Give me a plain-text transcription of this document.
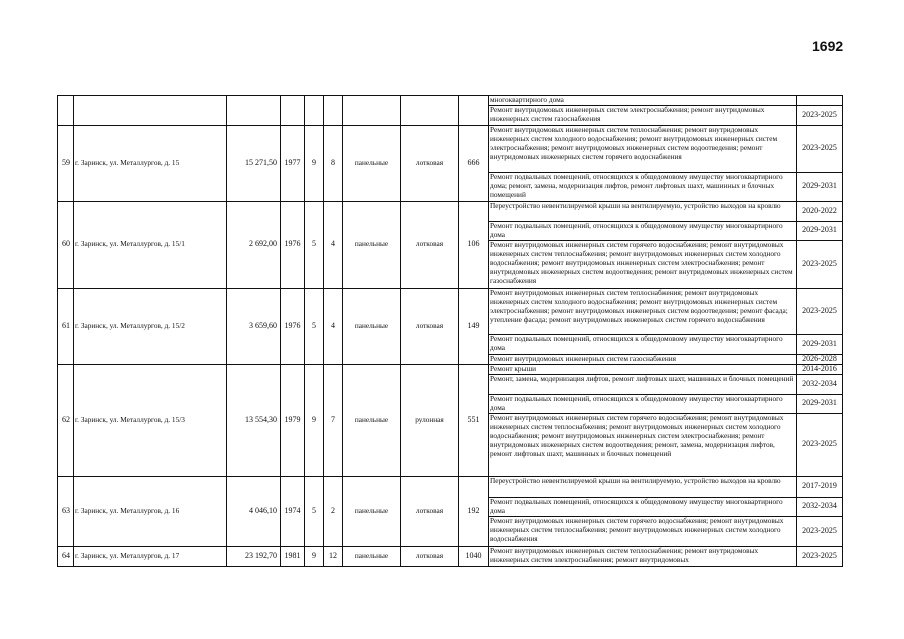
1692
									многоквартирного дома	
									Ремонт внутридомовых инженерных систем электроснабжения; ремонт внутридомовых инженерных систем газоснабжения	2023-2025
59	г. Заринск, ул. Металлургов, д. 15	15 271,50	1977	9	8	панельные	лотковая	666	Ремонт внутридомовых инженерных систем теплоснабжения; ремонт внутридомовых инженерных систем холодного водоснабжения; ремонт внутридомовых инженерных систем электроснабжения; ремонт внутридомовых инженерных систем водоотведения; ремонт внутридомовых инженерных систем горячего водоснабжения	2023-2025
									Ремонт подвальных помещений, относящихся к общедомовому имуществу многоквартирного дома; ремонт, замена, модернизация лифтов, ремонт лифтовых шахт, машинных и блочных помещений	2029-2031
60	г. Заринск, ул. Металлургов, д. 15/1	2 692,00	1976	5	4	панельные	лотковая	106	Переустройство невентилируемой крыши на вентилируемую, устройство выходов на кровлю	2020-2022
									Ремонт подвальных помещений, относящихся к общедомовому имуществу многоквартирного дома	2029-2031
									Ремонт внутридомовых инженерных систем горячего водоснабжения; ремонт внутридомовых инженерных систем теплоснабжения; ремонт внутридомовых инженерных систем холодного водоснабжения; ремонт внутридомовых инженерных систем электроснабжения; ремонт внутридомовых инженерных систем водоотведения; ремонт внутридомовых инженерных систем газоснабжения	2023-2025
61	г. Заринск, ул. Металлургов, д. 15/2	3 659,60	1976	5	4	панельные	лотковая	149	Ремонт внутридомовых инженерных систем теплоснабжения; ремонт внутридомовых инженерных систем холодного водоснабжения; ремонт внутридомовых инженерных систем электроснабжения; ремонт внутридомовых инженерных систем водоотведения; ремонт фасада; утепление фасада; ремонт внутридомовых инженерных систем горячего водоснабжения	2023-2025
									Ремонт подвальных помещений, относящихся к общедомовому имуществу многоквартирного дома	2029-2031
									Ремонт внутридомовых инженерных систем газоснабжения	2026-2028
62	г. Заринск, ул. Металлургов, д. 15/3	13 554,30	1979	9	7	панельные	рулонная	551	Ремонт крыши	2014-2016
									Ремонт, замена, модернизация лифтов, ремонт лифтовых шахт, машинных и блочных помещений	2032-2034
									Ремонт подвальных помещений, относящихся к общедомовому имуществу многоквартирного дома	2029-2031
									Ремонт внутридомовых инженерных систем горячего водоснабжения; ремонт внутридомовых инженерных систем теплоснабжения; ремонт внутридомовых инженерных систем холодного водоснабжения; ремонт внутридомовых инженерных систем электроснабжения; ремонт внутридомовых инженерных систем водоотведения; ремонт, замена, модернизация лифтов, ремонт лифтовых шахт, машинных и блочных помещений	2023-2025
63	г. Заринск, ул. Металлургов, д. 16	4 046,10	1974	5	2	панельные	лотковая	192	Переустройство невентилируемой крыши на вентилируемую, устройство выходов на кровлю	2017-2019
									Ремонт подвальных помещений, относящихся к общедомовому имуществу многоквартирного дома	2032-2034
									Ремонт внутридомовых инженерных систем горячего водоснабжения; ремонт внутридомовых инженерных систем теплоснабжения; ремонт внутридомовых инженерных систем холодного водоснабжения	2023-2025
64	г. Заринск, ул. Металлургов, д. 17	23 192,70	1981	9	12	панельные	лотковая	1040	Ремонт внутридомовых инженерных систем теплоснабжения; ремонт внутридомовых инженерных систем электроснабжения; ремонт внутридомовых	2023-2025
